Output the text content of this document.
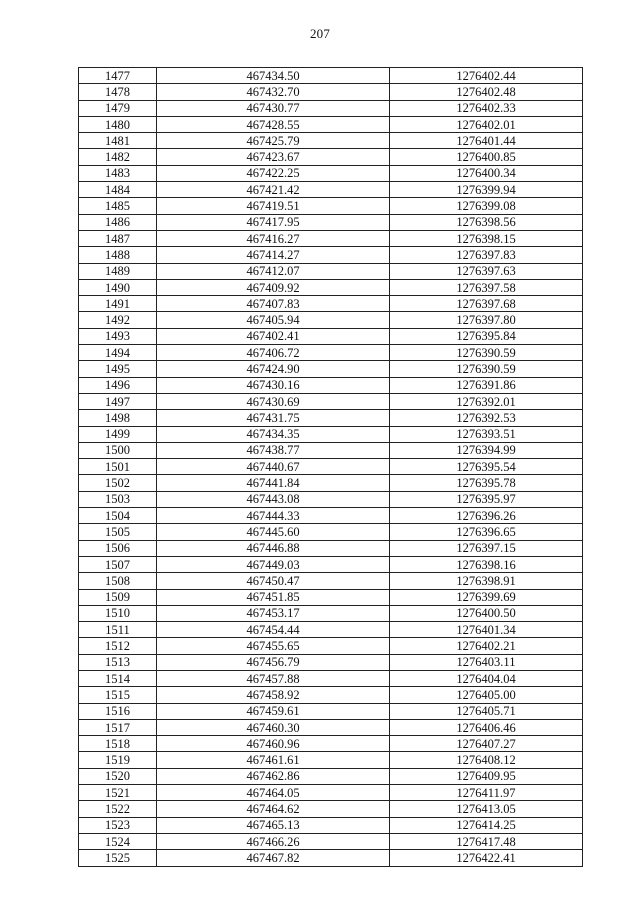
207
1477	467434.50	1276402.44
1478	467432.70	1276402.48
1479	467430.77	1276402.33
1480	467428.55	1276402.01
1481	467425.79	1276401.44
1482	467423.67	1276400.85
1483	467422.25	1276400.34
1484	467421.42	1276399.94
1485	467419.51	1276399.08
1486	467417.95	1276398.56
1487	467416.27	1276398.15
1488	467414.27	1276397.83
1489	467412.07	1276397.63
1490	467409.92	1276397.58
1491	467407.83	1276397.68
1492	467405.94	1276397.80
1493	467402.41	1276395.84
1494	467406.72	1276390.59
1495	467424.90	1276390.59
1496	467430.16	1276391.86
1497	467430.69	1276392.01
1498	467431.75	1276392.53
1499	467434.35	1276393.51
1500	467438.77	1276394.99
1501	467440.67	1276395.54
1502	467441.84	1276395.78
1503	467443.08	1276395.97
1504	467444.33	1276396.26
1505	467445.60	1276396.65
1506	467446.88	1276397.15
1507	467449.03	1276398.16
1508	467450.47	1276398.91
1509	467451.85	1276399.69
1510	467453.17	1276400.50
1511	467454.44	1276401.34
1512	467455.65	1276402.21
1513	467456.79	1276403.11
1514	467457.88	1276404.04
1515	467458.92	1276405.00
1516	467459.61	1276405.71
1517	467460.30	1276406.46
1518	467460.96	1276407.27
1519	467461.61	1276408.12
1520	467462.86	1276409.95
1521	467464.05	1276411.97
1522	467464.62	1276413.05
1523	467465.13	1276414.25
1524	467466.26	1276417.48
1525	467467.82	1276422.41
